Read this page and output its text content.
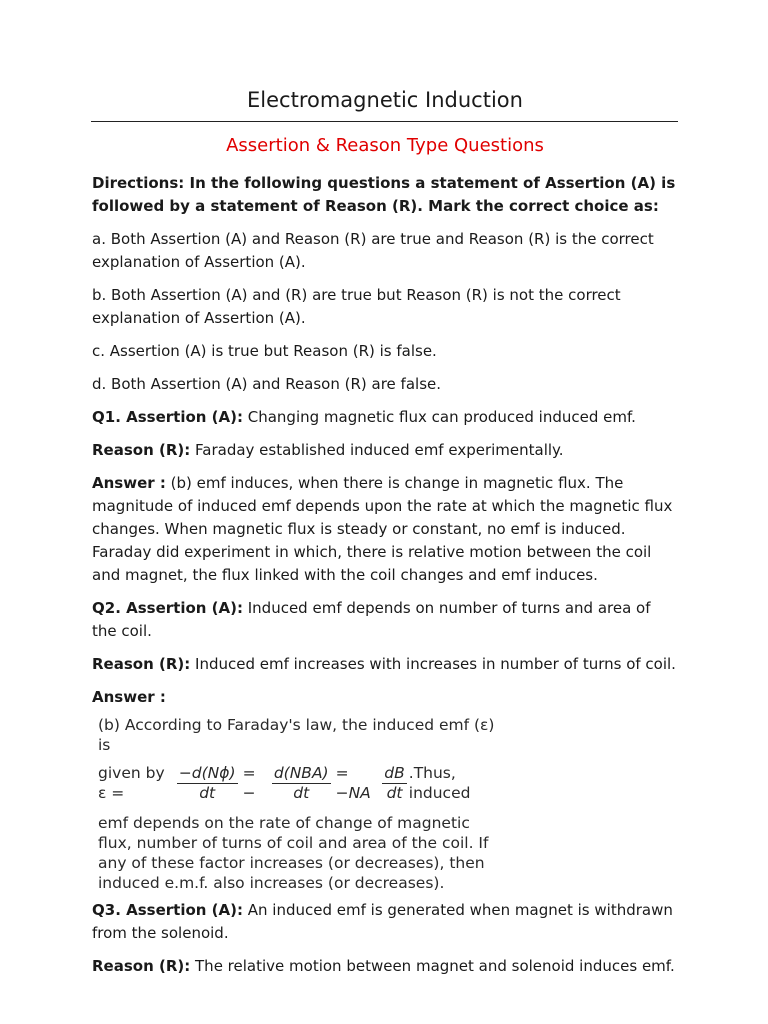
Electromagnetic Induction
Assertion & Reason Type Questions

Directions: In the following questions a statement of Assertion (A) is followed by a statement of Reason (R). Mark the correct choice as:

a. Both Assertion (A) and Reason (R) are true and Reason (R) is the correct explanation of Assertion (A).

b. Both Assertion (A) and (R) are true but Reason (R) is not the correct explanation of Assertion (A).

c. Assertion (A) is true but Reason (R) is false.

d. Both Assertion (A) and Reason (R) are false.

Q1. Assertion (A): Changing magnetic flux can produced induced emf.

Reason (R): Faraday established induced emf experimentally.

Answer : (b) emf induces, when there is change in magnetic flux. The magnitude of induced emf depends upon the rate at which the magnetic flux changes. When magnetic flux is steady or constant, no emf is induced. Faraday did experiment in which, there is relative motion between the coil and magnet, the flux linked with the coil changes and emf induces.

Q2. Assertion (A): Induced emf depends on number of turns and area of the coil.

Reason (R): Induced emf increases with increases in number of turns of coil.

Answer :

(b) According to Faraday's law, the induced emf (ε) is
given by ε =	$\frac{-d(N\phi)}{dt}$ = −	$\frac{\text{d(NBA)}}{dt} = -NA \frac{dB}{dt}$ .Thus, induced
emf depends on the rate of change of magnetic flux, number of turns of coil and area of the coil. If any of these factor increases (or decreases), then induced e.m.f. also increases (or decreases).

Q3. Assertion (A): An induced emf is generated when magnet is withdrawn from the solenoid.

Reason (R): The relative motion between magnet and solenoid induces emf.
